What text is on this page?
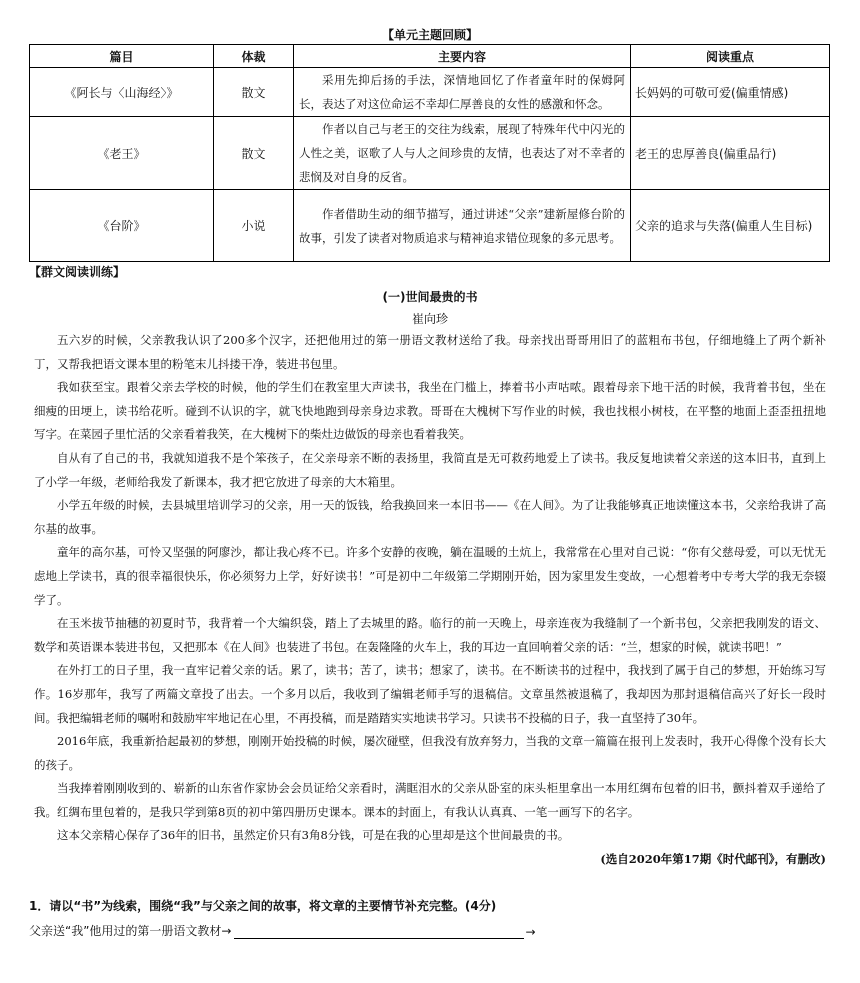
【单元主题回顾】
篇目	体裁	主要内容	阅读重点
《阿长与〈山海经〉》	散文	采用先抑后扬的手法，深情地回忆了作者童年时的保姆阿长，表达了对这位命运不幸却仁厚善良的女性的感激和怀念。	长妈妈的可敬可爱(偏重情感)
《老王》	散文	作者以自己与老王的交往为线索，展现了特殊年代中闪光的人性之美，讴歌了人与人之间珍贵的友情，也表达了对不幸者的悲悯及对自身的反省。	老王的忠厚善良(偏重品行)
《台阶》	小说	作者借助生动的细节描写，通过讲述“父亲”建新屋修台阶的故事，引发了读者对物质追求与精神追求错位现象的多元思考。	父亲的追求与失落(偏重人生目标)
【群文阅读训练】
(一)世间最贵的书
崔向珍

五六岁的时候，父亲教我认识了200多个汉字，还把他用过的第一册语文教材送给了我。母亲找出哥哥用旧了的蓝粗布书包，仔细地缝上了两个新补丁，又帮我把语文课本里的粉笔末儿抖搂干净，装进书包里。

我如获至宝。跟着父亲去学校的时候，他的学生们在教室里大声读书，我坐在门槛上，捧着书小声咕哝。跟着母亲下地干活的时候，我背着书包，坐在细瘦的田埂上，读书给花听。碰到不认识的字，就飞快地跑到母亲身边求教。哥哥在大槐树下写作业的时候，我也找根小树枝，在平整的地面上歪歪扭扭地写字。在菜园子里忙活的父亲看着我笑，在大槐树下的柴灶边做饭的母亲也看着我笑。

自从有了自己的书，我就知道我不是个笨孩子，在父亲母亲不断的表扬里，我简直是无可救药地爱上了读书。我反复地读着父亲送的这本旧书，直到上了小学一年级，老师给我发了新课本，我才把它放进了母亲的大木箱里。

小学五年级的时候，去县城里培训学习的父亲，用一天的饭钱，给我换回来一本旧书——《在人间》。为了让我能够真正地读懂这本书，父亲给我讲了高尔基的故事。

童年的高尔基，可怜又坚强的阿廖沙，都让我心疼不已。许多个安静的夜晚，躺在温暖的土炕上，我常常在心里对自己说：“你有父慈母爱，可以无忧无虑地上学读书，真的很幸福很快乐，你必须努力上学，好好读书！”可是初中二年级第二学期刚开始，因为家里发生变故，一心想着考中专考大学的我无奈辍学了。

在玉米拔节抽穗的初夏时节，我背着一个大编织袋，踏上了去城里的路。临行的前一天晚上，母亲连夜为我缝制了一个新书包，父亲把我刚发的语文、数学和英语课本装进书包，又把那本《在人间》也装进了书包。在轰隆隆的火车上，我的耳边一直回响着父亲的话：“兰，想家的时候，就读书吧！”

在外打工的日子里，我一直牢记着父亲的话。累了，读书；苦了，读书；想家了，读书。在不断读书的过程中，我找到了属于自己的梦想，开始练习写作。16岁那年，我写了两篇文章投了出去。一个多月以后，我收到了编辑老师手写的退稿信。文章虽然被退稿了，我却因为那封退稿信高兴了好长一段时间。我把编辑老师的嘱咐和鼓励牢牢地记在心里，不再投稿，而是踏踏实实地读书学习。只读书不投稿的日子，我一直坚持了30年。

2016年底，我重新拾起最初的梦想，刚刚开始投稿的时候，屡次碰壁，但我没有放弃努力，当我的文章一篇篇在报刊上发表时，我开心得像个没有长大的孩子。

当我捧着刚刚收到的、崭新的山东省作家协会会员证给父亲看时，满眶泪水的父亲从卧室的床头柜里拿出一本用红绸布包着的旧书，颤抖着双手递给了我。红绸布里包着的，是我只学到第8页的初中第四册历史课本。课本的封面上，有我认认真真、一笔一画写下的名字。

这本父亲精心保存了36年的旧书，虽然定价只有3角8分钱，可是在我的心里却是这个世间最贵的书。

(选自2020年第17期《时代邮刊》，有删改)
1．请以“书”为线索，围绕“我”与父亲之间的故事，将文章的主要情节补充完整。(4分)
父亲送“我”他用过的第一册语文教材→	→
